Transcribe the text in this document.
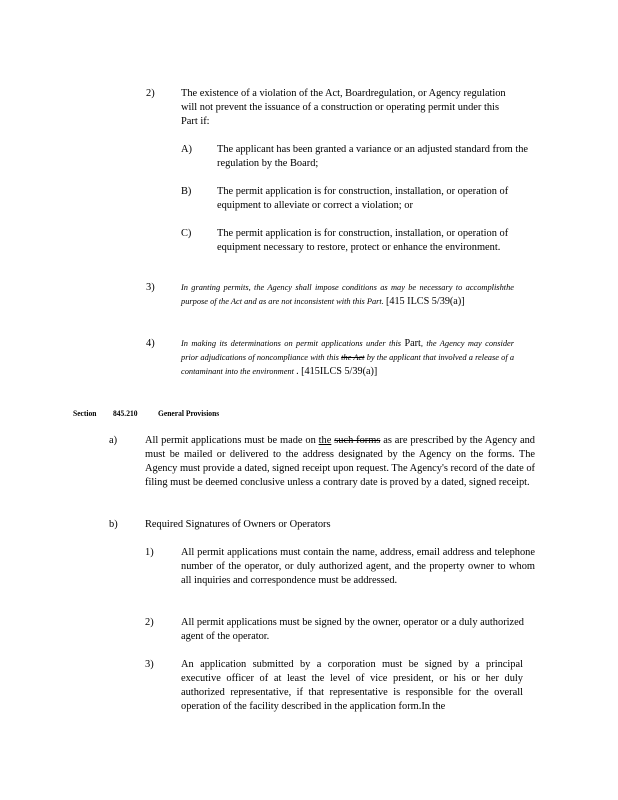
2)	The existence of a violation of the Act, Boardregulation, or Agency regulation will not prevent the issuance of a construction or operating permit under this Part if:
A) The applicant has been granted a variance or an adjusted standard from the regulation by the Board;
B) The permit application is for construction, installation, or operation of equipment to alleviate or correct a violation; or
C) The permit application is for construction, installation, or operation of equipment necessary to restore, protect or enhance the environment.
3)	In granting permits, the Agency shall impose conditions as may be necessary to accomplishthe purpose of the Act and as are not inconsistent with this Part. [415 ILCS 5/39(a)]
4)	In making its determinations on permit applications under this Part, the Agency may consider prior adjudications of noncompliance with this the Act by the applicant that involved a release of a contaminant into the environment . [415ILCS 5/39(a)]
Section 845.210 General Provisions
a)	All permit applications must be made on the such forms as are prescribed by the Agency and must be mailed or delivered to the address designated by the Agency on the forms. The Agency must provide a dated, signed receipt upon request. The Agency's record of the date of filing must be deemed conclusive unless a contrary date is proved by a dated, signed receipt.
b)	Required Signatures of Owners or Operators
1)	All permit applications must contain the name, address, email address and telephone number of the operator, or duly authorized agent, and the property owner to whom all inquiries and correspondence must be addressed.
2)	All permit applications must be signed by the owner, operator or a duly authorized agent of the operator.
3)	An application submitted by a corporation must be signed by a principal executive officer of at least the level of vice president, or his or her duly authorized representative, if that representative is responsible for the overall operation of the facility described in the application form.In the
